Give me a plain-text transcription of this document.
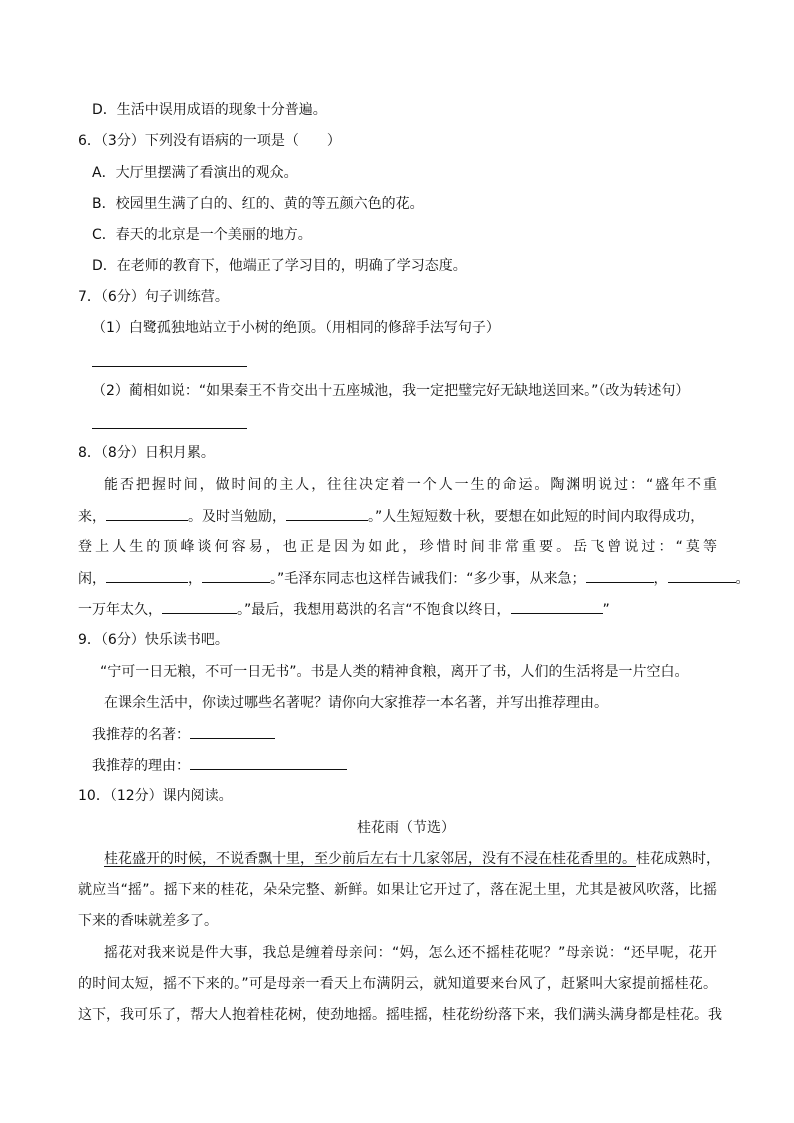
D．生活中误用成语的现象十分普遍。
6．（3分）下列没有语病的一项是（　　）
A．大厅里摆满了看演出的观众。
B．校园里生满了白的、红的、黄的等五颜六色的花。
C．春天的北京是一个美丽的地方。
D．在老师的教育下，他端正了学习目的，明确了学习态度。
7．（6分）句子训练营。
（1）白鹭孤独地站立于小树的绝顶。（用相同的修辞手法写句子）
（2）蔺相如说：“如果秦王不肯交出十五座城池，我一定把璧完好无缺地送回来。”（改为转述句）
8．（8分）日积月累。
能否把握时间，做时间的主人，往往决定着一个人一生的命运。陶渊明说过：“盛年不重
来，	。及时当勉励，	。”人生短短数十秋，要想在如此短的时间内取得成功，
登上人生的顶峰谈何容易，也正是因为如此，珍惜时间非常重要。岳飞曾说过：“莫等
闲，	，	。”毛泽东同志也这样告诫我们：“多少事，从来急；	，	。
一万年太久，	。”最后，我想用葛洪的名言“不饱食以终日，	”
9．（6分）快乐读书吧。
“宁可一日无粮，不可一日无书”。书是人类的精神食粮，离开了书，人们的生活将是一片空白。
在课余生活中，你读过哪些名著呢？请你向大家推荐一本名著，并写出推荐理由。
我推荐的名著：
我推荐的理由：
10．（12分）课内阅读。
桂花雨（节选）
桂花盛开的时候，不说香飘十里，至少前后左右十几家邻居，没有不浸在桂花香里的。桂花成熟时，
就应当“摇”。摇下来的桂花，朵朵完整、新鲜。如果让它开过了，落在泥土里，尤其是被风吹落，比摇
下来的香味就差多了。
摇花对我来说是件大事，我总是缠着母亲问：“妈，怎么还不摇桂花呢？”母亲说：“还早呢，花开
的时间太短，摇不下来的。”可是母亲一看天上布满阴云，就知道要来台风了，赶紧叫大家提前摇桂花。
这下，我可乐了，帮大人抱着桂花树，使劲地摇。摇哇摇，桂花纷纷落下来，我们满头满身都是桂花。我
